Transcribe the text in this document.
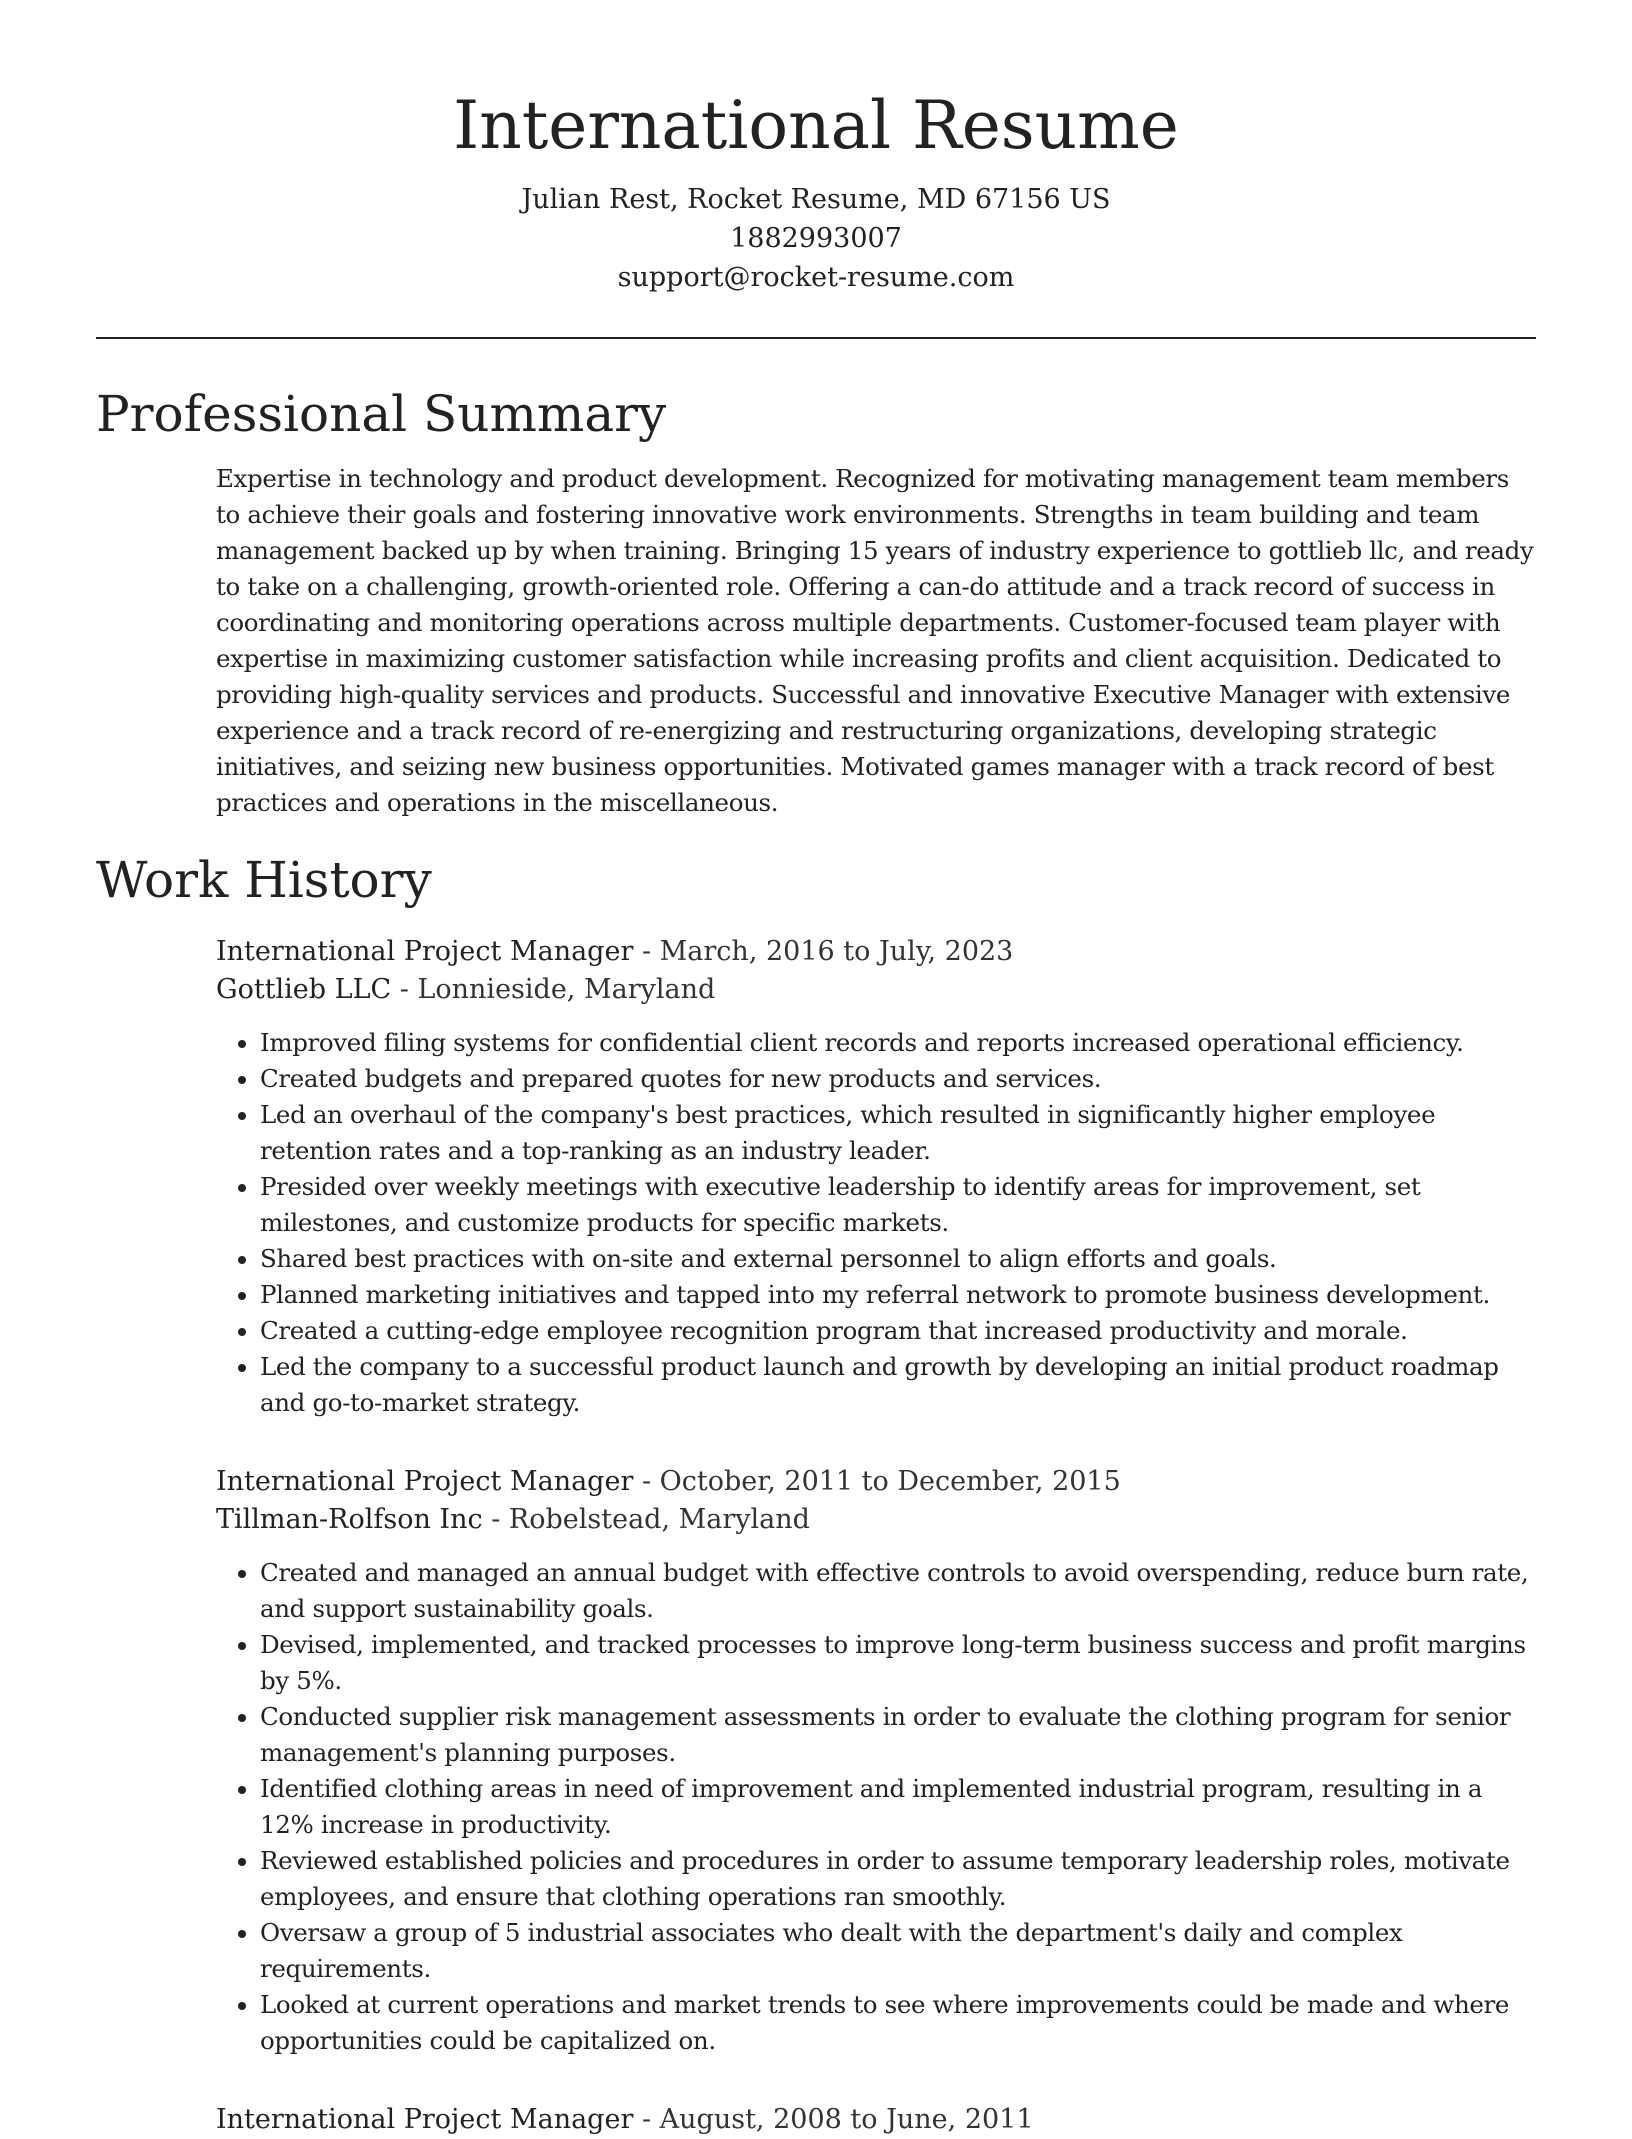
International Resume

Julian Rest, Rocket Resume, MD 67156 US

1882993007

support@rocket-resume.com

Professional Summary

Expertise in technology and product development. Recognized for motivating management team members to achieve their goals and fostering innovative work environments. Strengths in team building and team management backed up by when training. Bringing 15 years of industry experience to gottlieb llc, and ready to take on a challenging, growth-oriented role. Offering a can-do attitude and a track record of success in coordinating and monitoring operations across multiple departments. Customer-focused team player with expertise in maximizing customer satisfaction while increasing profits and client acquisition. Dedicated to providing high-quality services and products. Successful and innovative Executive Manager with extensive experience and a track record of re-energizing and restructuring organizations, developing strategic initiatives, and seizing new business opportunities. Motivated games manager with a track record of best practices and operations in the miscellaneous.

Work History

International Project Manager - March, 2016 to July, 2023

Gottlieb LLC - Lonnieside, Maryland

• Improved filing systems for confidential client records and reports increased operational efficiency.
• Created budgets and prepared quotes for new products and services.
• Led an overhaul of the company's best practices, which resulted in significantly higher employee retention rates and a top-ranking as an industry leader.
• Presided over weekly meetings with executive leadership to identify areas for improvement, set milestones, and customize products for specific markets.
• Shared best practices with on-site and external personnel to align efforts and goals.
• Planned marketing initiatives and tapped into my referral network to promote business development.
• Created a cutting-edge employee recognition program that increased productivity and morale.
• Led the company to a successful product launch and growth by developing an initial product roadmap and go-to-market strategy.

International Project Manager - October, 2011 to December, 2015

Tillman-Rolfson Inc - Robelstead, Maryland

• Created and managed an annual budget with effective controls to avoid overspending, reduce burn rate, and support sustainability goals.
• Devised, implemented, and tracked processes to improve long-term business success and profit margins by 5%.
• Conducted supplier risk management assessments in order to evaluate the clothing program for senior management's planning purposes.
• Identified clothing areas in need of improvement and implemented industrial program, resulting in a 12% increase in productivity.
• Reviewed established policies and procedures in order to assume temporary leadership roles, motivate employees, and ensure that clothing operations ran smoothly.
• Oversaw a group of 5 industrial associates who dealt with the department's daily and complex requirements.
• Looked at current operations and market trends to see where improvements could be made and where opportunities could be capitalized on.

International Project Manager - August, 2008 to June, 2011
